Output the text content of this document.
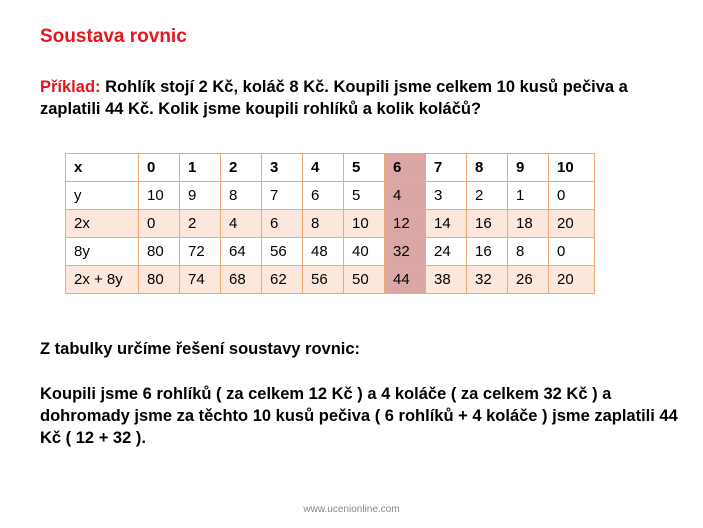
Soustava rovnic
Příklad: Rohlík stojí 2 Kč, koláč 8 Kč. Koupili jsme celkem 10 kusů pečiva a zaplatili 44 Kč. Kolik jsme koupili rohlíků a kolik koláčů?
x	0	1	2	3	4	5	6	7	8	9	10
y	10	9	8	7	6	5	4	3	2	1	0
2x	0	2	4	6	8	10	12	14	16	18	20
8y	80	72	64	56	48	40	32	24	16	8	0
2x + 8y	80	74	68	62	56	50	44	38	32	26	20
Z tabulky určíme řešení soustavy rovnic:
Koupili jsme 6 rohlíků ( za celkem 12 Kč ) a 4 koláče ( za celkem 32 Kč ) a dohromady jsme za těchto 10 kusů pečiva ( 6 rohlíků + 4 koláče ) jsme zaplatili 44 Kč ( 12 + 32 ).
www.ucenionline.com
